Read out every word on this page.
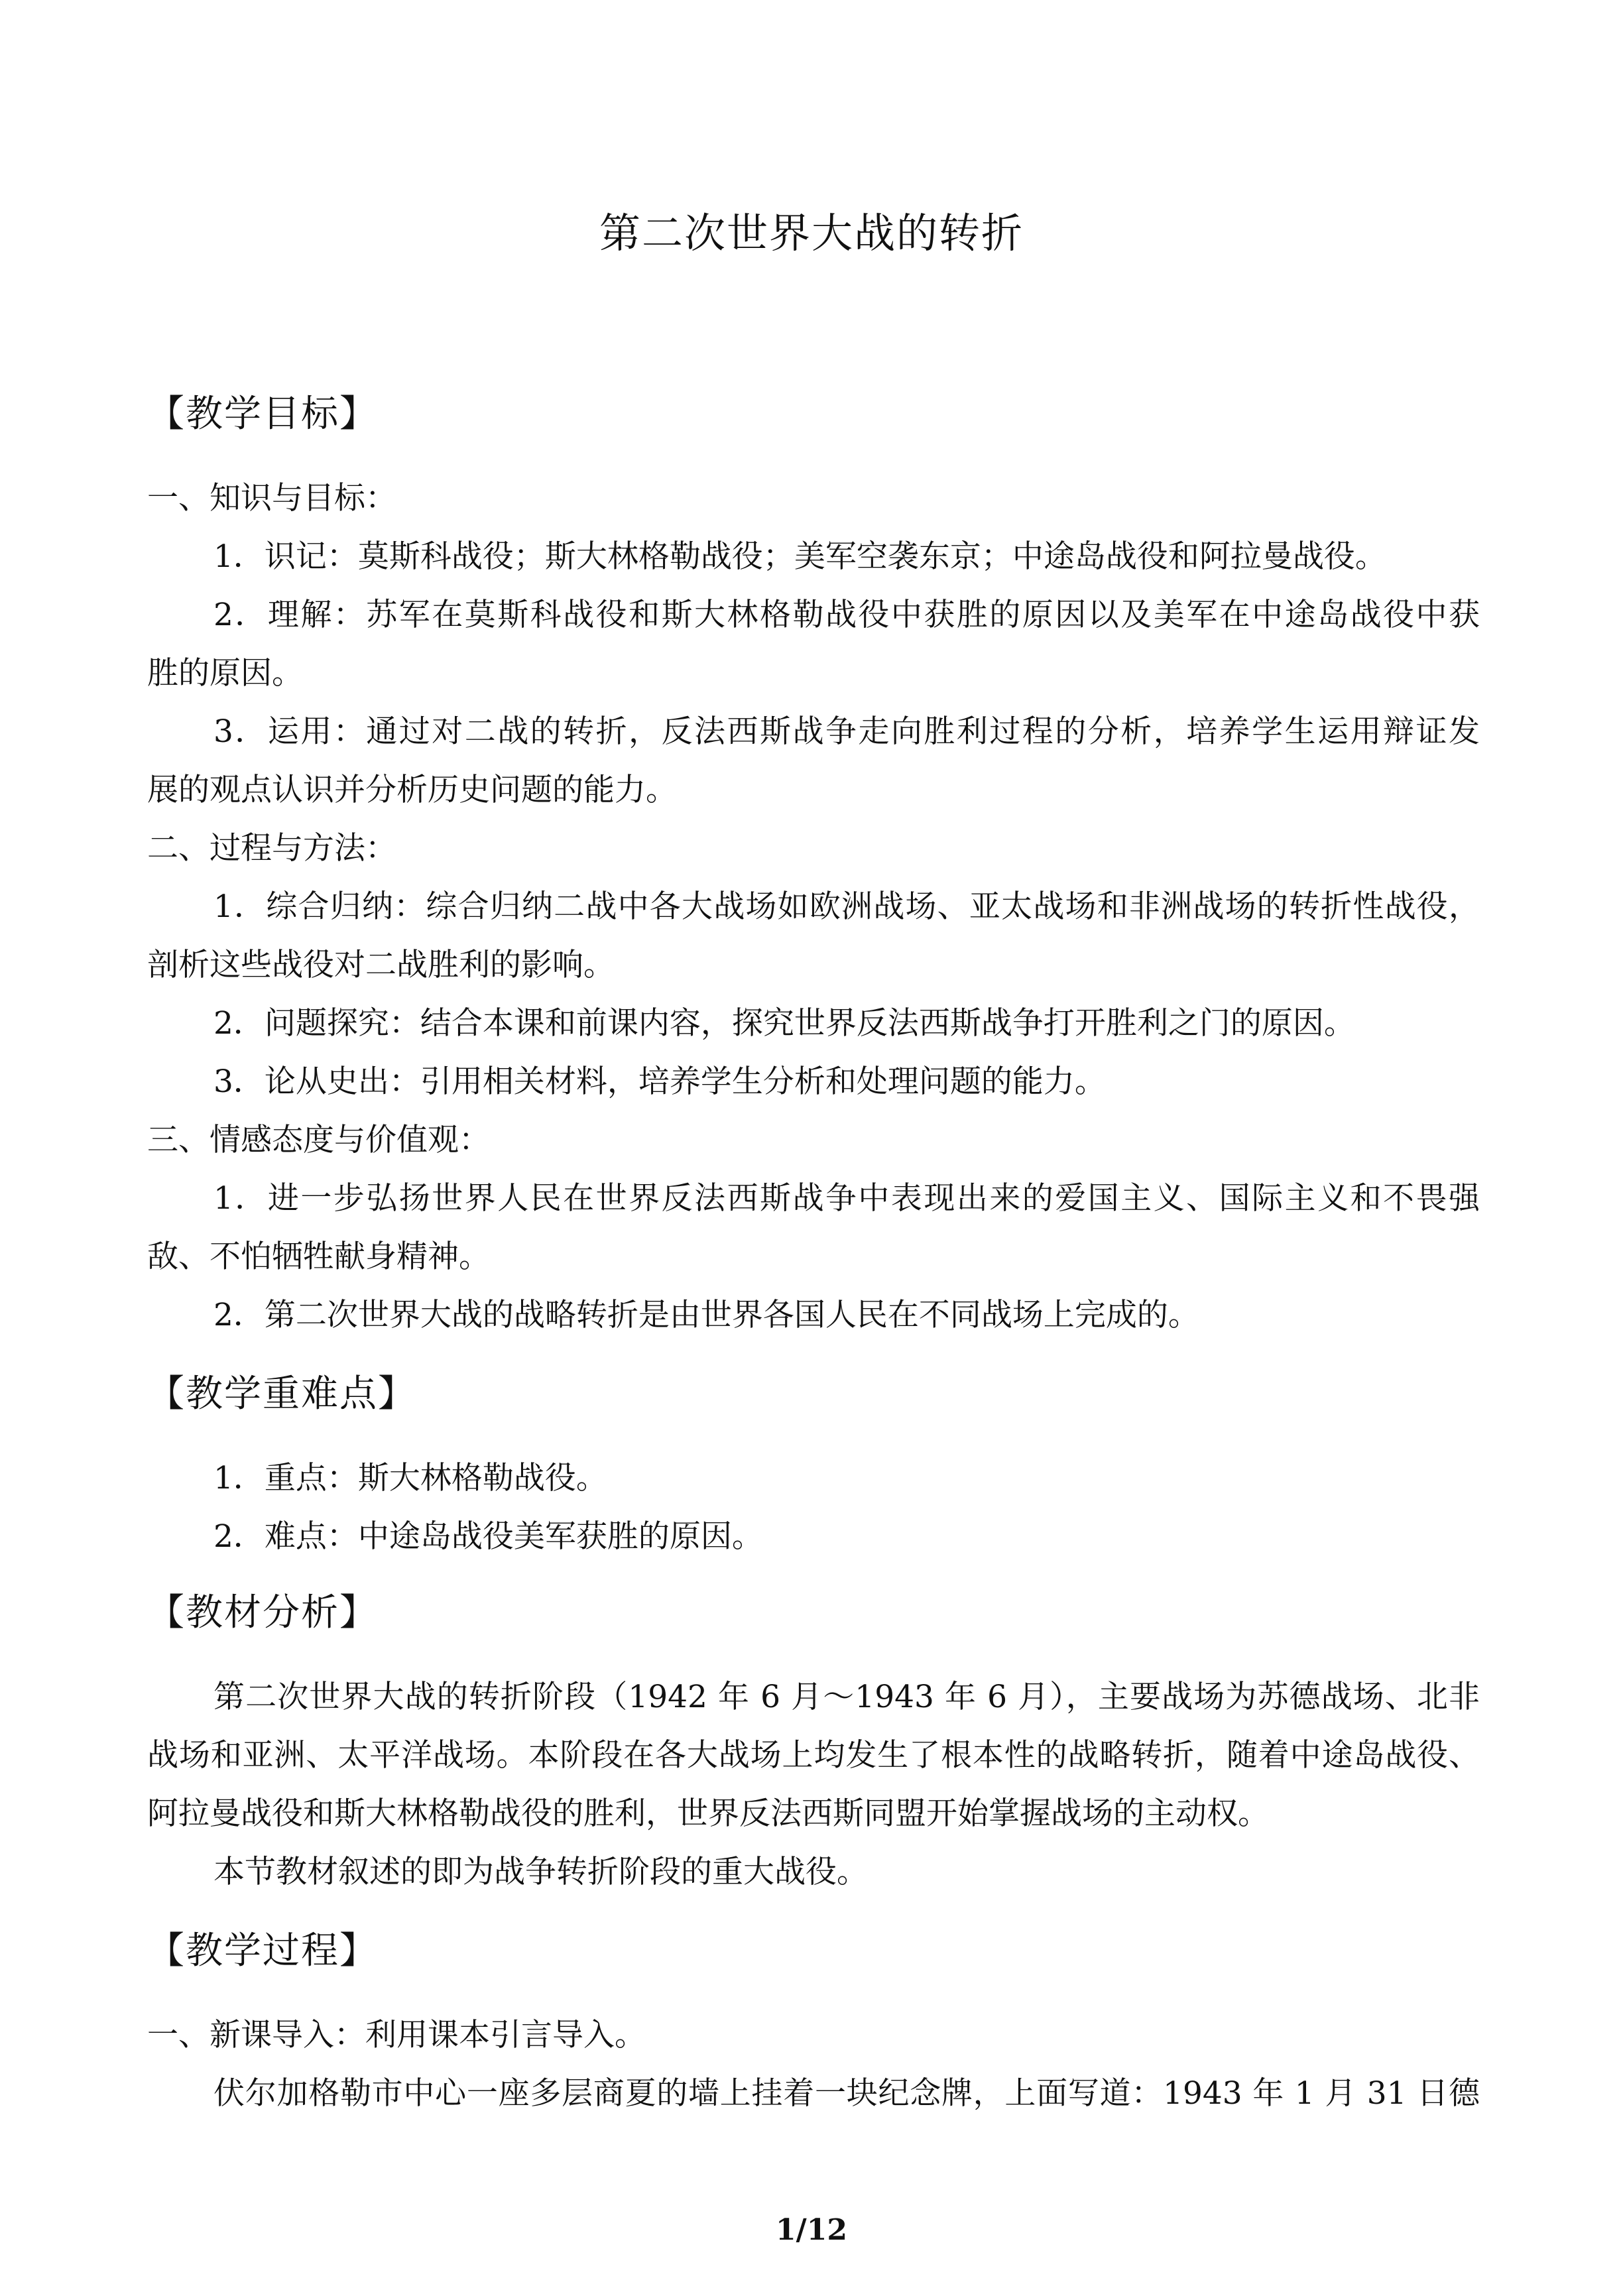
第二次世界大战的转折
【教学目标】
一、知识与目标：
1．识记：莫斯科战役；斯大林格勒战役；美军空袭东京；中途岛战役和阿拉曼战役。
2．理解：苏军在莫斯科战役和斯大林格勒战役中获胜的原因以及美军在中途岛战役中获
胜的原因。
3．运用：通过对二战的转折，反法西斯战争走向胜利过程的分析，培养学生运用辩证发
展的观点认识并分析历史问题的能力。
二、过程与方法：
1．综合归纳：综合归纳二战中各大战场如欧洲战场、亚太战场和非洲战场的转折性战役，
剖析这些战役对二战胜利的影响。
2．问题探究：结合本课和前课内容，探究世界反法西斯战争打开胜利之门的原因。
3．论从史出：引用相关材料，培养学生分析和处理问题的能力。
三、情感态度与价值观：
1．进一步弘扬世界人民在世界反法西斯战争中表现出来的爱国主义、国际主义和不畏强
敌、不怕牺牲献身精神。
2．第二次世界大战的战略转折是由世界各国人民在不同战场上完成的。
【教学重难点】
1．重点：斯大林格勒战役。
2．难点：中途岛战役美军获胜的原因。
【教材分析】
第二次世界大战的转折阶段（1942 年 6 月～1943 年 6 月），主要战场为苏德战场、北非
战场和亚洲、太平洋战场。本阶段在各大战场上均发生了根本性的战略转折，随着中途岛战役、
阿拉曼战役和斯大林格勒战役的胜利，世界反法西斯同盟开始掌握战场的主动权。
本节教材叙述的即为战争转折阶段的重大战役。
【教学过程】
一、新课导入：利用课本引言导入。
伏尔加格勒市中心一座多层商夏的墙上挂着一块纪念牌，上面写道：1943 年 1 月 31 日德
1/12
